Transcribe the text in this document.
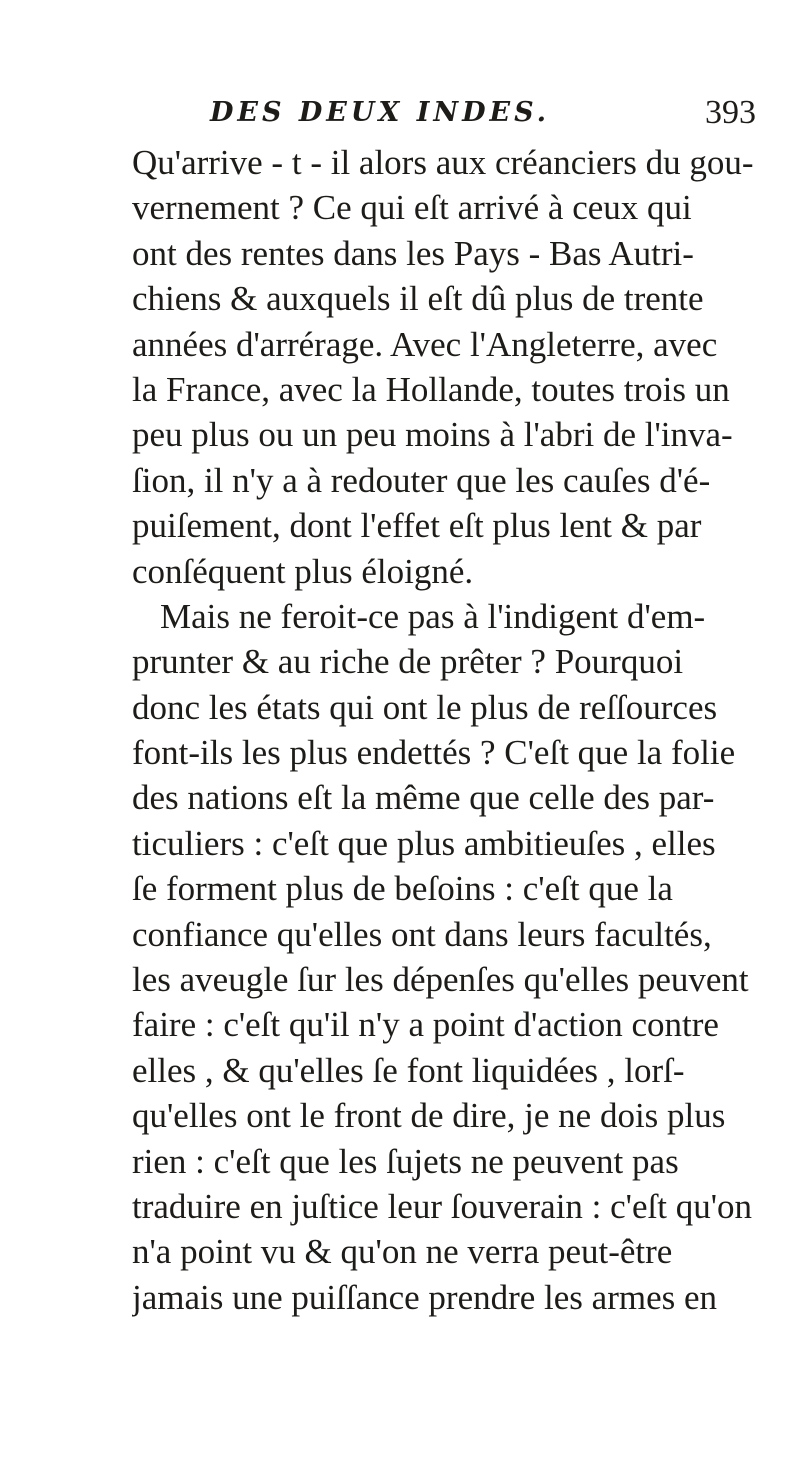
DES DEUX INDES.	393
Qu'arrive - t - il alors aux créanciers du gou-
vernement ? Ce qui eſt arrivé à ceux qui
ont des rentes dans les Pays - Bas Autri-
chiens & auxquels il eſt dû plus de trente
années d'arrérage. Avec l'Angleterre, avec
la France, avec la Hollande, toutes trois un
peu plus ou un peu moins à l'abri de l'inva-
ſion, il n'y a à redouter que les cauſes d'é-
puiſement, dont l'effet eſt plus lent & par
conſéquent plus éloigné.
Mais ne feroit-ce pas à l'indigent d'em-
prunter & au riche de prêter ? Pourquoi
donc les états qui ont le plus de reſſources
font-ils les plus endettés ? C'eſt que la folie
des nations eſt la même que celle des par-
ticuliers : c'eſt que plus ambitieuſes , elles
ſe forment plus de beſoins : c'eſt que la
confiance qu'elles ont dans leurs facultés,
les aveugle ſur les dépenſes qu'elles peuvent
faire : c'eſt qu'il n'y a point d'action contre
elles , & qu'elles ſe font liquidées , lorſ-
qu'elles ont le front de dire, je ne dois plus
rien : c'eſt que les ſujets ne peuvent pas
traduire en juſtice leur ſouverain : c'eſt qu'on
n'a point vu & qu'on ne verra peut-être
jamais une puiſſance prendre les armes en
